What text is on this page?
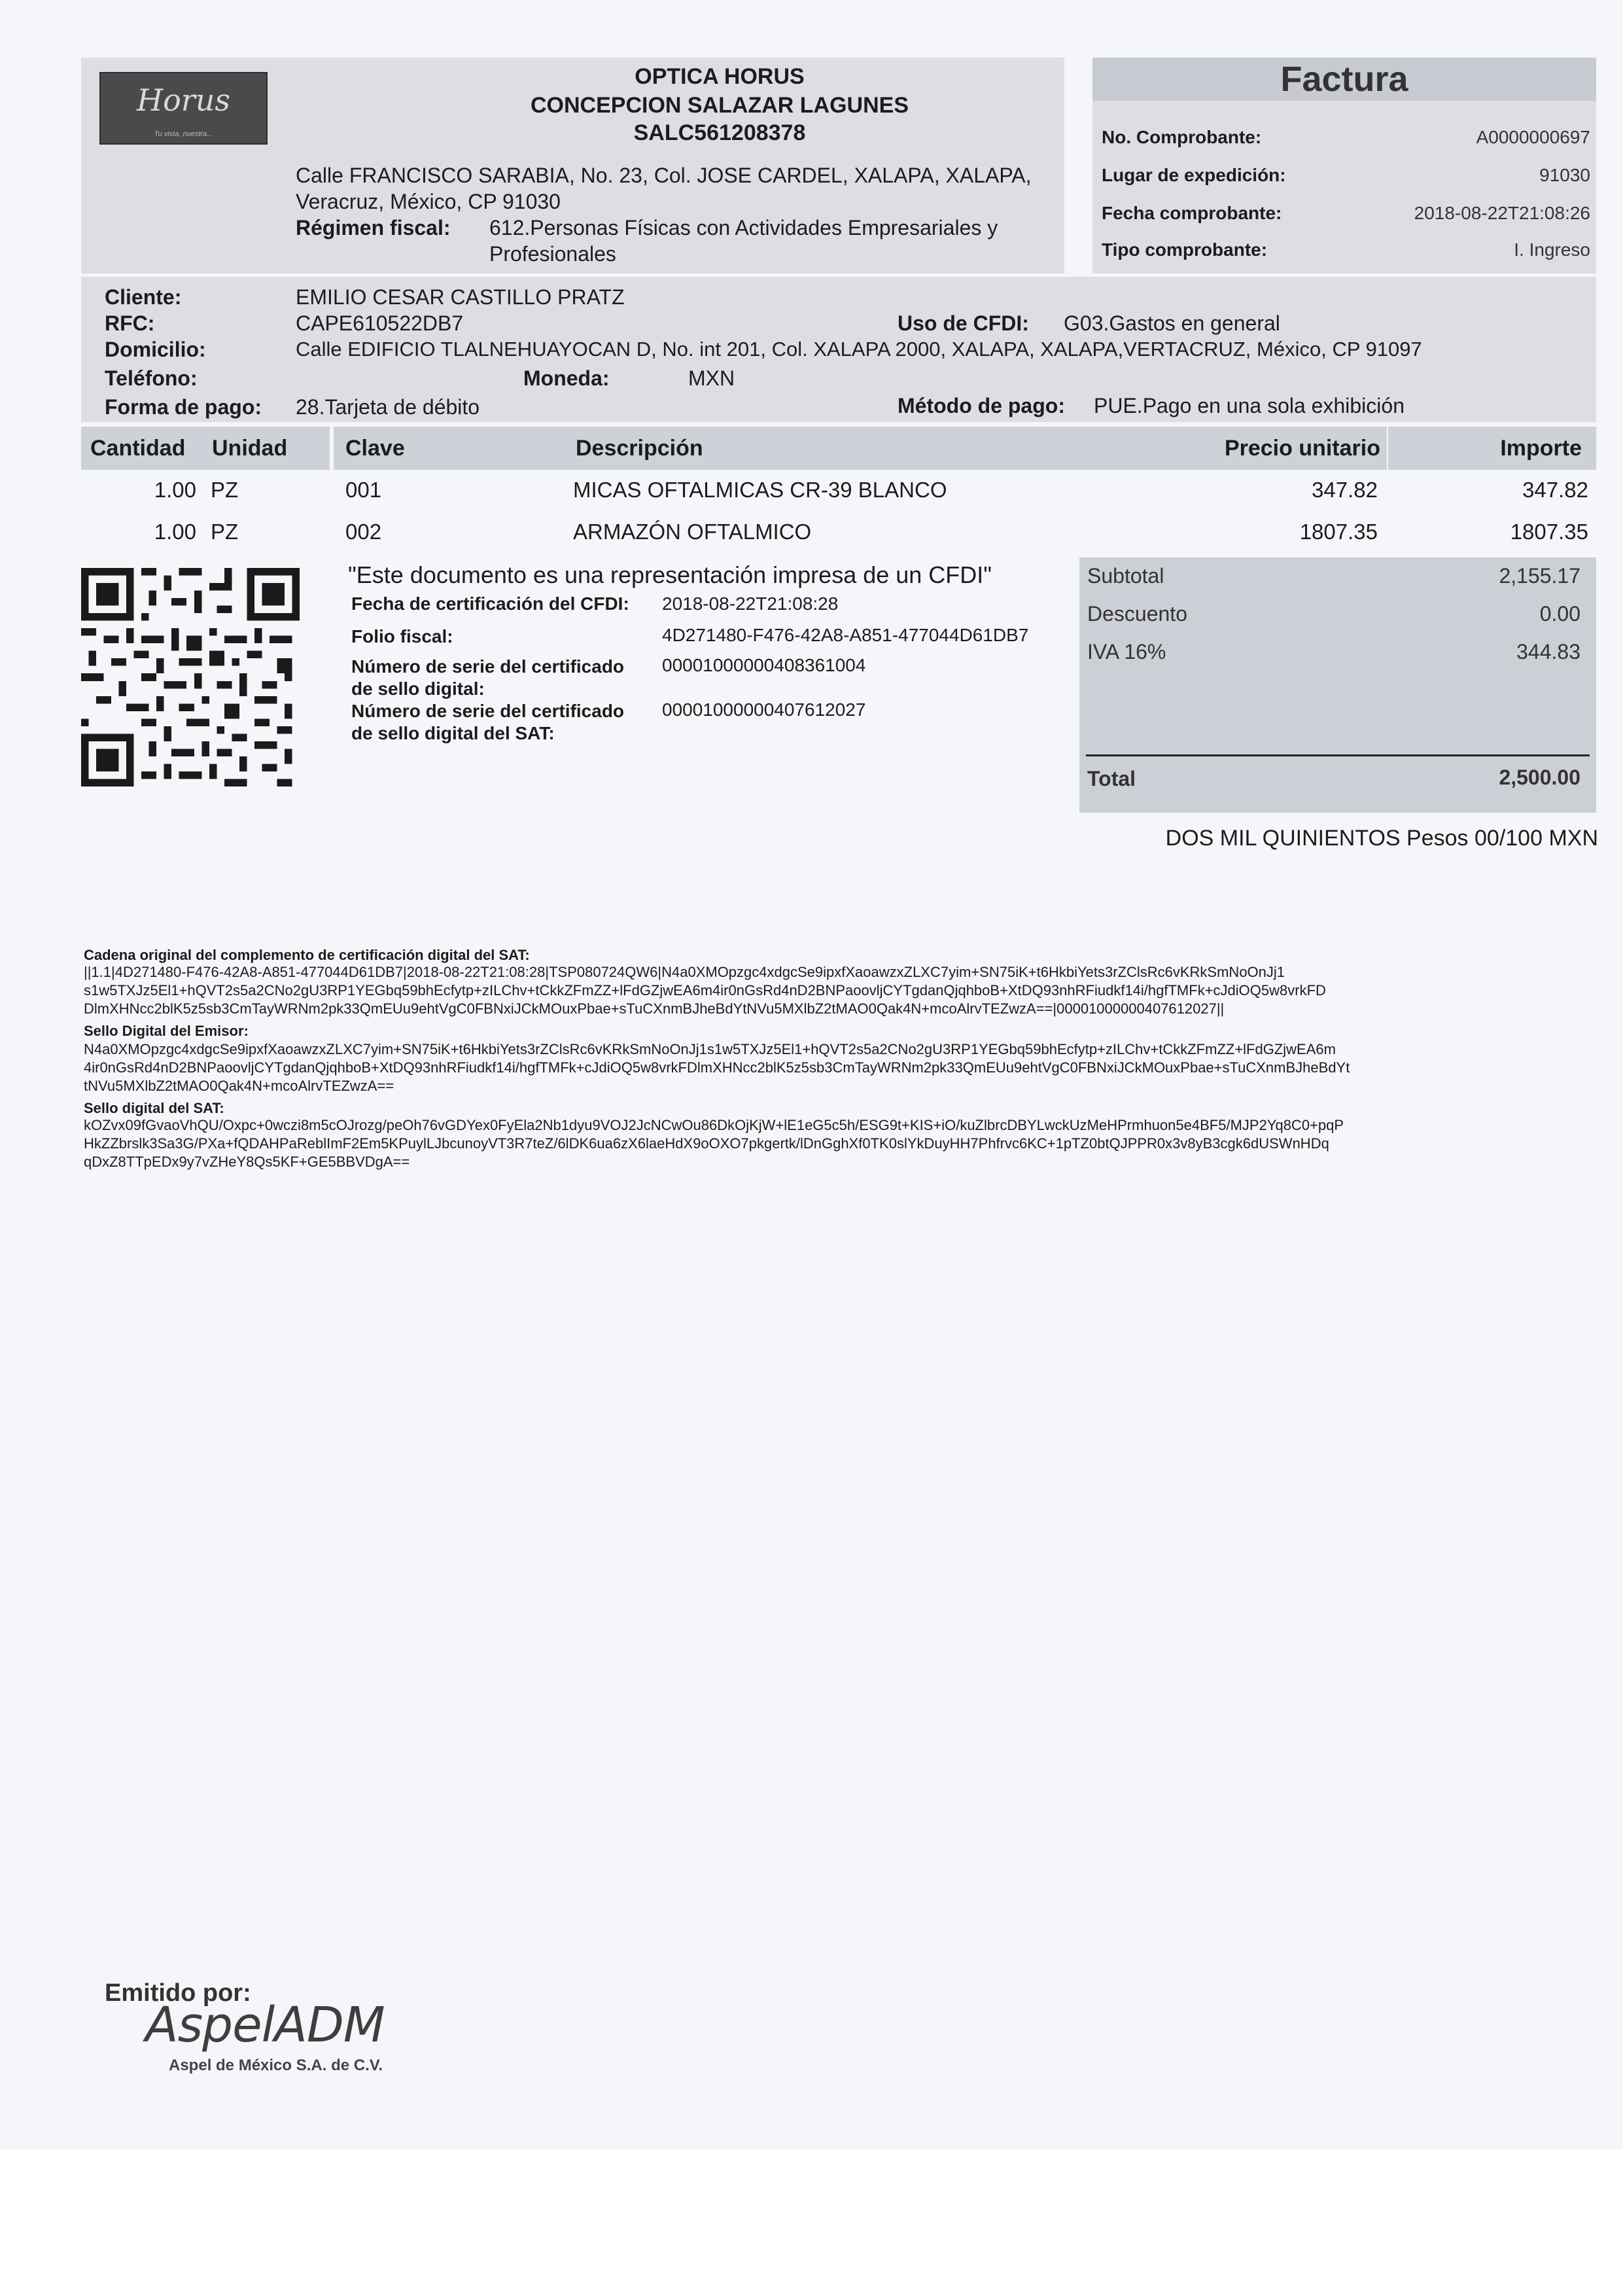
Horus
Tu vista, nuestra...
OPTICA HORUS
CONCEPCION SALAZAR LAGUNES
SALC561208378
Calle FRANCISCO SARABIA, No. 23, Col. JOSE CARDEL, XALAPA, XALAPA,
Veracruz, México, CP 91030
Régimen fiscal:	612.Personas Físicas con Actividades Empresariales y
Profesionales
Factura
No. Comprobante:	A0000000697
Lugar de expedición:	91030
Fecha comprobante:	2018-08-22T21:08:26
Tipo comprobante:	I. Ingreso
Cliente:	EMILIO CESAR CASTILLO PRATZ
RFC:	CAPE610522DB7	Uso de CFDI: G03.Gastos en general
Domicilio:	Calle EDIFICIO TLALNEHUAYOCAN D, No. int 201, Col. XALAPA 2000, XALAPA, XALAPA,VERTACRUZ, México, CP 91097
Teléfono:	Moneda:	MXN
Forma de pago: 28.Tarjeta de débito	Método de pago: PUE.Pago en una sola exhibición
Cantidad	Unidad	Clave	Descripción	Precio unitario	Importe
1.00 PZ	001	MICAS OFTALMICAS CR-39 BLANCO	347.82	347.82
1.00 PZ	002	ARMAZÓN OFTALMICO	1807.35	1807.35
"Este documento es una representación impresa de un CFDI"
Fecha de certificación del CFDI: 2018-08-22T21:08:28
Folio fiscal:	4D271480-F476-42A8-A851-477044D61DB7
Número de serie del certificado
de sello digital:
00001000000408361004
Número de serie del certificado
de sello digital del SAT:
00001000000407612027
Subtotal	2,155.17
Descuento	0.00
IVA 16%	344.83
Total	2,500.00
DOS MIL QUINIENTOS Pesos 00/100 MXN
Cadena original del complemento de certificación digital del SAT:
||1.1|4D271480-F476-42A8-A851-477044D61DB7|2018-08-22T21:08:28|TSP080724QW6|N4a0XMOpzgc4xdgcSe9ipxfXaoawzxZLXC7yim+SN75iK+t6HkbiYets3rZClsRc6vKRkSmNoOnJj1
s1w5TXJz5El1+hQVT2s5a2CNo2gU3RP1YEGbq59bhEcfytp+zILChv+tCkkZFmZZ+lFdGZjwEA6m4ir0nGsRd4nD2BNPaoovljCYTgdanQjqhboB+XtDQ93nhRFiudkf14i/hgfTMFk+cJdiOQ5w8vrkFD
DlmXHNcc2blK5z5sb3CmTayWRNm2pk33QmEUu9ehtVgC0FBNxiJCkMOuxPbae+sTuCXnmBJheBdYtNVu5MXlbZ2tMAO0Qak4N+mcoAlrvTEZwzA==|00001000000407612027||
Sello Digital del Emisor:
N4a0XMOpzgc4xdgcSe9ipxfXaoawzxZLXC7yim+SN75iK+t6HkbiYets3rZClsRc6vKRkSmNoOnJj1s1w5TXJz5El1+hQVT2s5a2CNo2gU3RP1YEGbq59bhEcfytp+zILChv+tCkkZFmZZ+lFdGZjwEA6m
4ir0nGsRd4nD2BNPaoovljCYTgdanQjqhboB+XtDQ93nhRFiudkf14i/hgfTMFk+cJdiOQ5w8vrkFDlmXHNcc2blK5z5sb3CmTayWRNm2pk33QmEUu9ehtVgC0FBNxiJCkMOuxPbae+sTuCXnmBJheBdYt
tNVu5MXlbZ2tMAO0Qak4N+mcoAlrvTEZwzA==
Sello digital del SAT:
kOZvx09fGvaoVhQU/Oxpc+0wczi8m5cOJrozg/peOh76vGDYex0FyEla2Nb1dyu9VOJ2JcNCwOu86DkOjKjW+lE1eG5c5h/ESG9t+KIS+iO/kuZlbrcDBYLwckUzMeHPrmhuon5e4BF5/MJP2Yq8C0+pqP
HkZZbrslk3Sa3G/PXa+fQDAHPaReblImF2Em5KPuylLJbcunoyVT3R7teZ/6lDK6ua6zX6laeHdX9oOXO7pkgertk/lDnGghXf0TK0slYkDuyHH7Phfrvc6KC+1pTZ0btQJPPR0x3v8yB3cgk6dUSWnHDq
qDxZ8TTpEDx9y7vZHeY8Qs5KF+GE5BBVDgA==
Emitido por:
AspelADM
Aspel de México S.A. de C.V.
